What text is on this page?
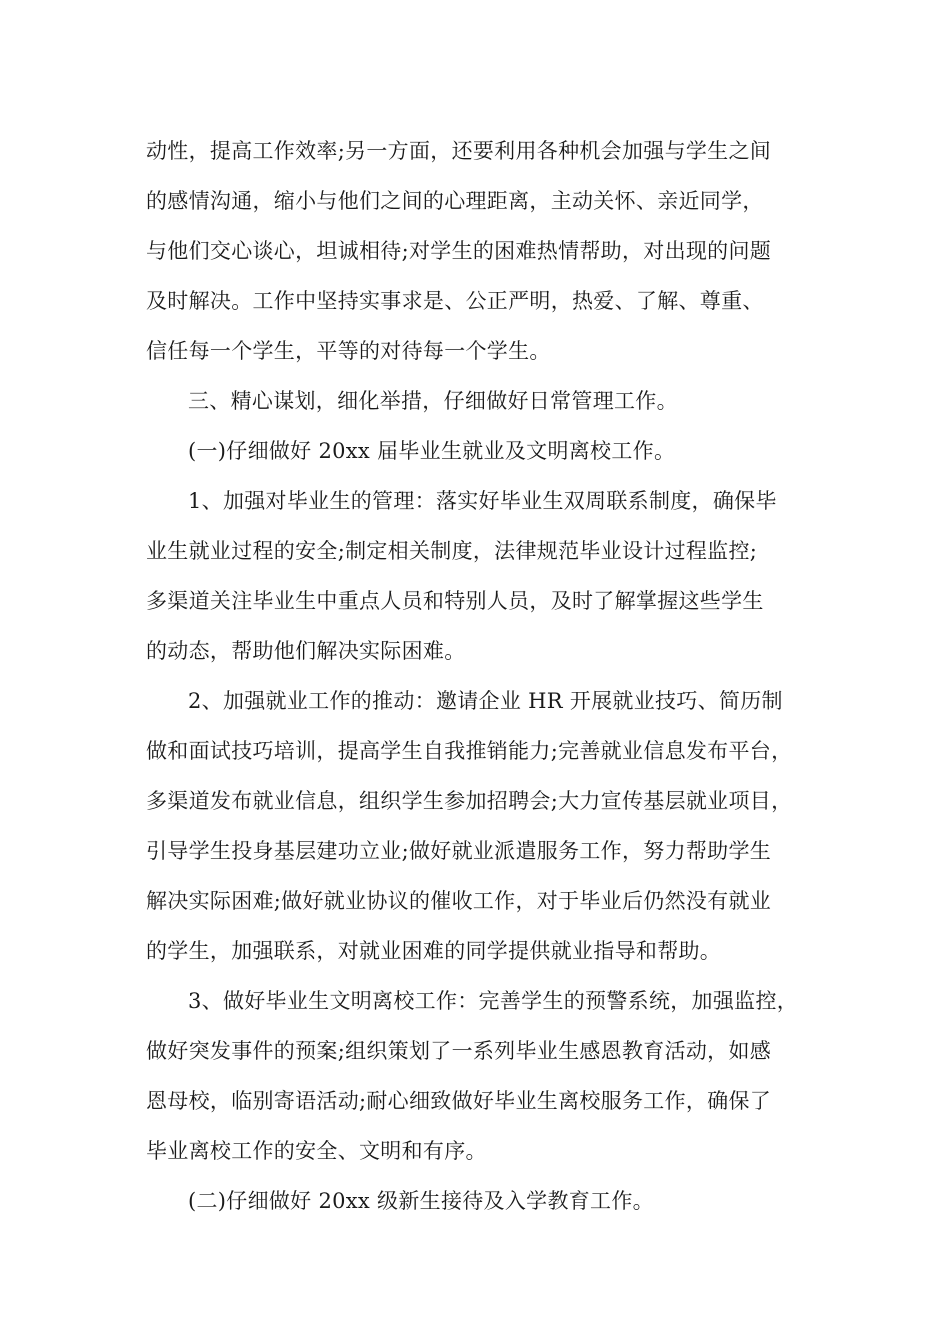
动性，提高工作效率;另一方面，还要利用各种机会加强与学生之间
的感情沟通，缩小与他们之间的心理距离，主动关怀、亲近同学，
与他们交心谈心，坦诚相待;对学生的困难热情帮助，对出现的问题
及时解决。工作中坚持实事求是、公正严明，热爱、了解、尊重、
信任每一个学生，平等的对待每一个学生。
三、精心谋划，细化举措，仔细做好日常管理工作。
(一)仔细做好 20xx 届毕业生就业及文明离校工作。
1、加强对毕业生的管理：落实好毕业生双周联系制度，确保毕
业生就业过程的安全;制定相关制度，法律规范毕业设计过程监控;
多渠道关注毕业生中重点人员和特别人员，及时了解掌握这些学生
的动态，帮助他们解决实际困难。
2、加强就业工作的推动：邀请企业 HR 开展就业技巧、简历制
做和面试技巧培训，提高学生自我推销能力;完善就业信息发布平台，
多渠道发布就业信息，组织学生参加招聘会;大力宣传基层就业项目，
引导学生投身基层建功立业;做好就业派遣服务工作，努力帮助学生
解决实际困难;做好就业协议的催收工作，对于毕业后仍然没有就业
的学生，加强联系，对就业困难的同学提供就业指导和帮助。
3、做好毕业生文明离校工作：完善学生的预警系统，加强监控，
做好突发事件的预案;组织策划了一系列毕业生感恩教育活动，如感
恩母校，临别寄语活动;耐心细致做好毕业生离校服务工作，确保了
毕业离校工作的安全、文明和有序。
(二)仔细做好 20xx 级新生接待及入学教育工作。
